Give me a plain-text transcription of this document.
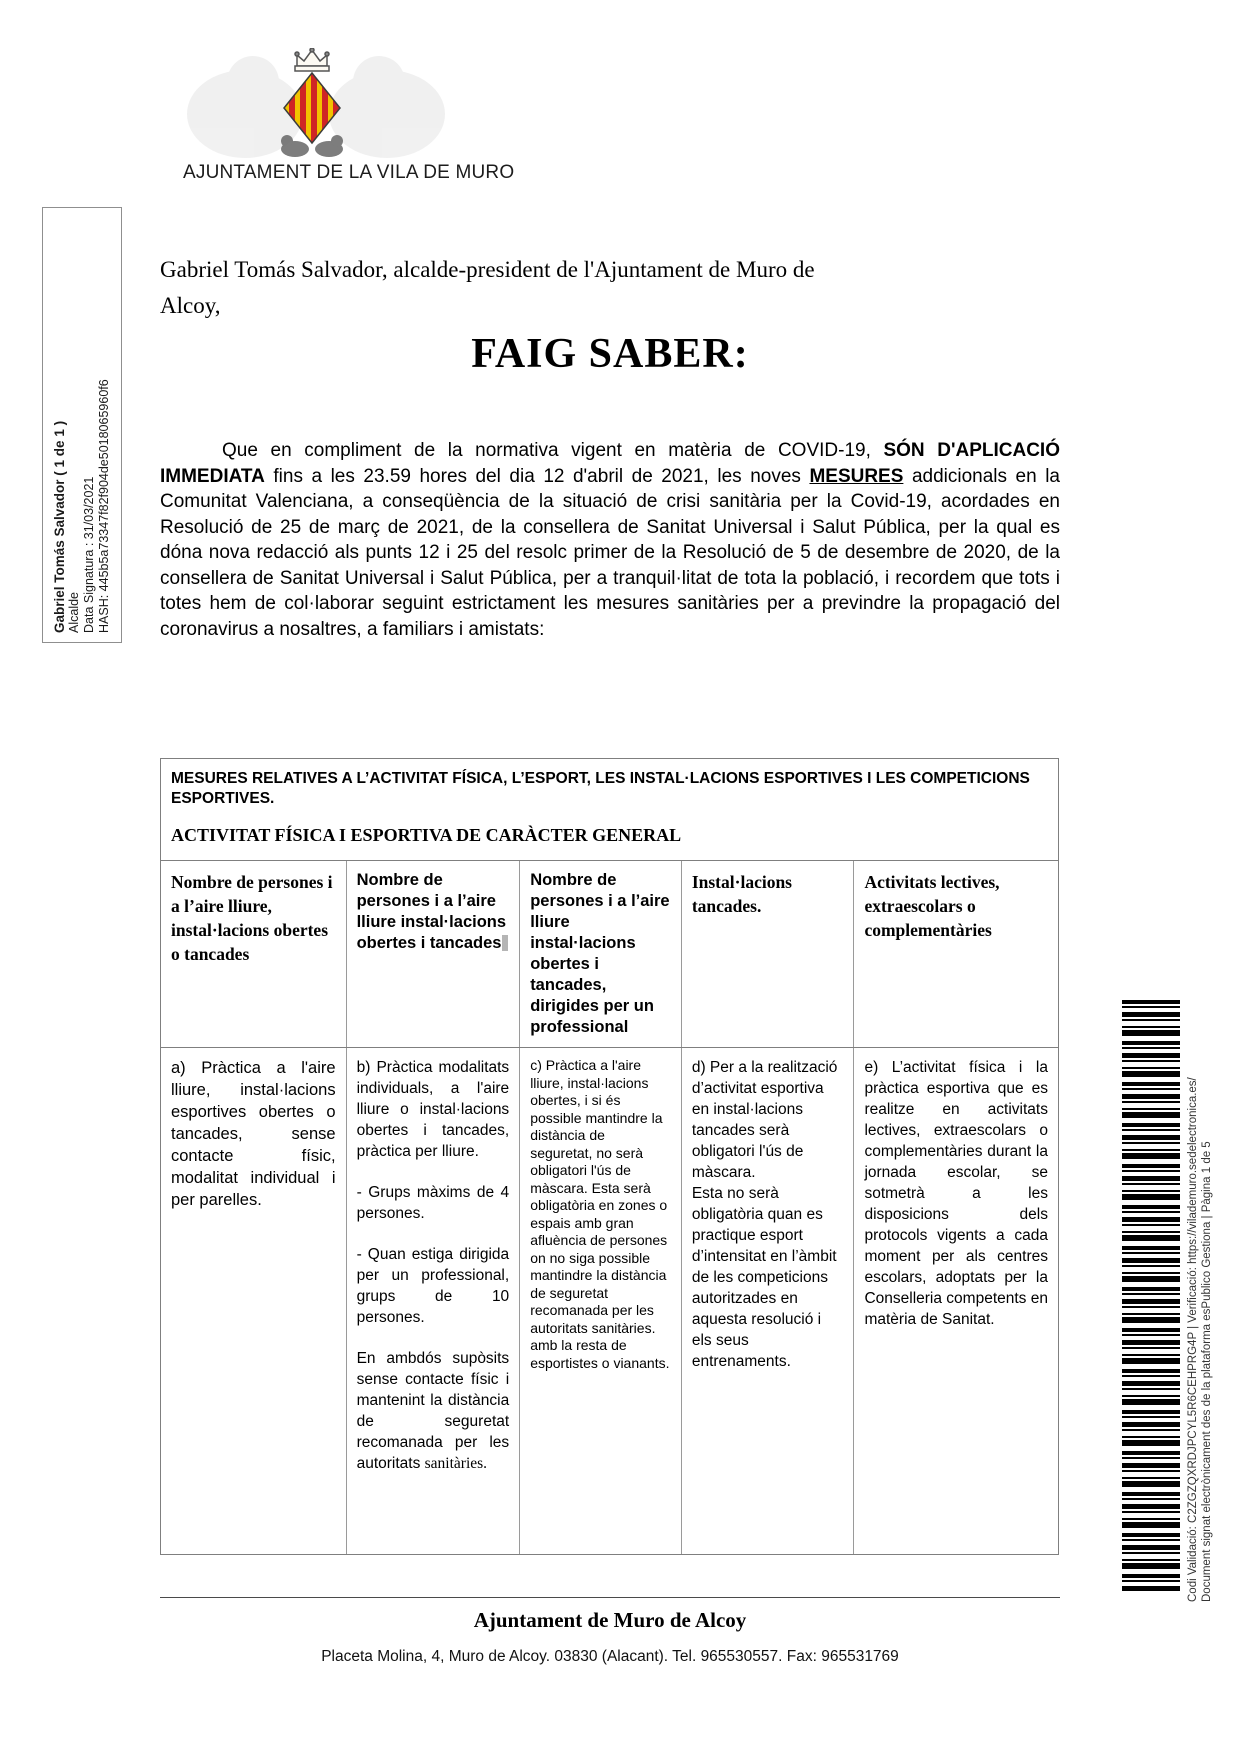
AJUNTAMENT DE LA VILA DE MURO
Gabriel Tomás Salvador ( 1 de 1 ) Alcalde Data Signatura : 31/03/2021 HASH: 445b5a73347f82f904de5018065960f6
Gabriel Tomás Salvador, alcalde-president de l'Ajuntament de Muro de
Alcoy,
FAIG SABER:
Que en compliment de la normativa vigent en matèria de COVID-19, SÓN D'APLICACIÓ IMMEDIATA fins a les 23.59 hores del dia 12 d'abril de 2021, les noves MESURES addicionals en la Comunitat Valenciana, a conseqüència de la situació de crisi sanitària per la Covid-19, acordades en Resolució de 25 de març de 2021, de la consellera de Sanitat Universal i Salut Pública, per la qual es dóna nova redacció als punts 12 i 25 del resolc primer de la Resolució de 5 de desembre de 2020, de la consellera de Sanitat Universal i Salut Pública, per a tranquil·litat de tota la població, i recordem que tots i totes hem de col·laborar seguint estrictament les mesures sanitàries per a previndre la propagació del coronavirus a nosaltres, a familiars i amistats:
MESURES RELATIVES A L’ACTIVITAT FÍSICA, L’ESPORT, LES INSTAL·LACIONS ESPORTIVES I LES COMPETICIONS ESPORTIVES.
ACTIVITAT FÍSICA I ESPORTIVA DE CARÀCTER GENERAL
Nombre de persones i a l’aire lliure, instal·lacions obertes o tancades
Nombre de persones i a l’aire lliure instal·lacions obertes i tancades
Nombre de persones i a l’aire lliure instal·lacions obertes i tancades, dirigides per un professional
Instal·lacions tancades.
Activitats lectives, extraescolars o complementàries
a) Pràctica a l'aire lliure, instal·lacions esportives obertes o tancades, sense contacte físic, modalitat individual i per parelles.
b) Pràctica modalitats individuals, a l'aire lliure o instal·lacions obertes i tancades, pràctica per lliure.
- Grups màxims de 4 persones.
- Quan estiga dirigida per un professional, grups de 10 persones.
En ambdós supòsits sense contacte físic i mantenint la distància de seguretat recomanada per les autoritats sanitàries.
c) Pràctica a l'aire lliure, instal·lacions obertes, i si és possible mantindre la distància de seguretat, no serà obligatori l'ús de màscara. Esta serà obligatòria en zones o espais amb gran afluència de persones on no siga possible mantindre la distància de seguretat recomanada per les autoritats sanitàries. amb la resta de esportistes o vianants.
d) Per a la realització d’activitat esportiva en instal·lacions tancades serà obligatori l'ús de màscara.
Esta no serà obligatòria quan es practique esport d’intensitat en l’àmbit de les competicions autoritzades en aquesta resolució i els seus entrenaments.
e) L’activitat física i la pràctica esportiva que es realitze en activitats lectives, extraescolars o complementàries durant la jornada escolar, se sotmetrà a les disposicions dels protocols vigents a cada moment per als centres escolars, adoptats per la Conselleria competents en matèria de Sanitat.
Ajuntament de Muro de Alcoy
Placeta Molina, 4, Muro de Alcoy. 03830 (Alacant). Tel. 965530557. Fax: 965531769
Codi Validació: C2ZGZQXRDJPCYL5R6CEHPRG4P | Verificació: https://vilademuro.sedelectronica.es/ Document signat electrònicament des de la plataforma esPublico Gestiona | Pàgina 1 de 5
